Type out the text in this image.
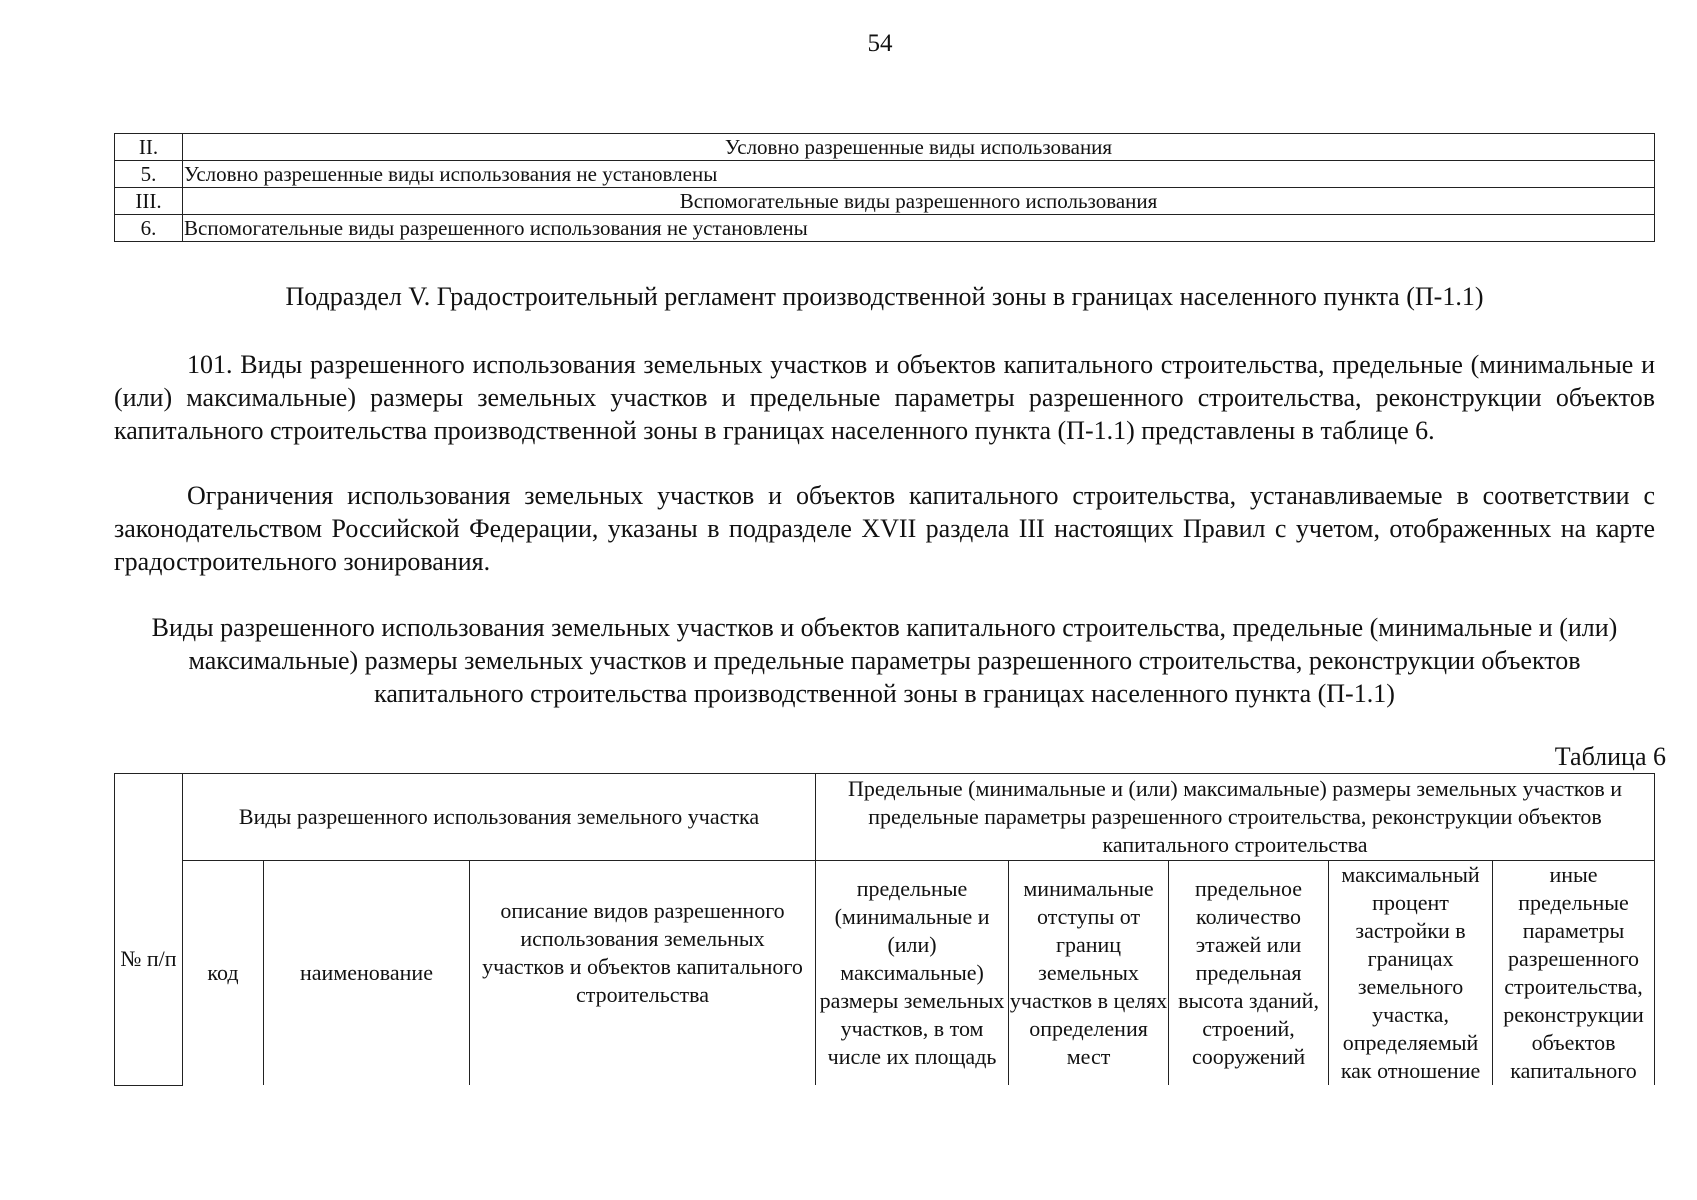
54
II.	Условно разрешенные виды использования
5.	Условно разрешенные виды использования не установлены
III.	Вспомогательные виды разрешенного использования
6.	Вспомогательные виды разрешенного использования не установлены
Подраздел V. Градостроительный регламент производственной зоны в границах населенного пункта (П-1.1)

101. Виды разрешенного использования земельных участков и объектов капитального строительства, предельные (минимальные и (или) максимальные) размеры земельных участков и предельные параметры разрешенного строительства, реконструкции объектов капитального строительства производственной зоны в границах населенного пункта (П-1.1) представлены в таблице 6.

Ограничения использования земельных участков и объектов капитального строительства, устанавливаемые в соответствии с законодательством Российской Федерации, указаны в подразделе XVII раздела III настоящих Правил с учетом, отображенных на карте градостроительного зонирования.

Виды разрешенного использования земельных участков и объектов капитального строительства, предельные (минимальные и (или) максимальные) размеры земельных участков и предельные параметры разрешенного строительства, реконструкции объектов капитального строительства производственной зоны в границах населенного пункта (П-1.1)
Таблица 6
№ п/п	Виды разрешенного использования земельного участка			Предельные (минимальные и (или) максимальные) размеры земельных участков и предельные параметры разрешенного строительства, реконструкции объектов капитального строительства				
	код	наименование	описание видов разрешенного использования земельных участков и объектов капитального строительства	предельные (минимальные и (или) максимальные) размеры земельных участков, в том числе их площадь	минимальные отступы от границ земельных участков в целях определения мест	предельное количество этажей или предельная высота зданий, строений, сооружений	максимальный процент застройки в границах земельного участка, определяемый как отношение	иные предельные параметры разрешенного строительства, реконструкции объектов капитального
